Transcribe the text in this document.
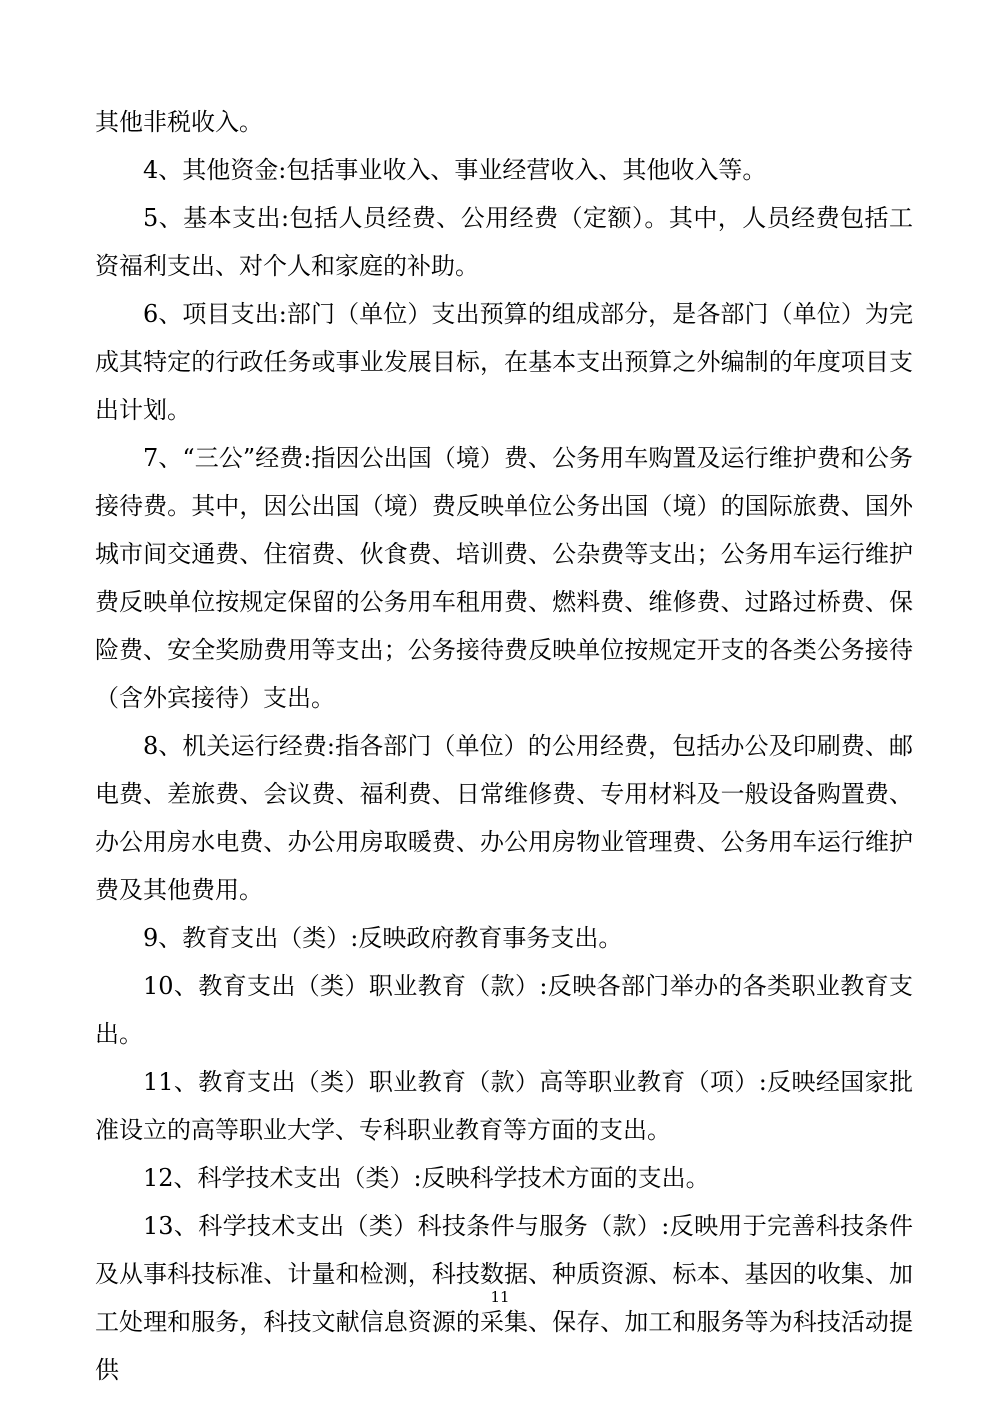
其他非税收入。

4、其他资金:包括事业收入、事业经营收入、其他收入等。

5、基本支出:包括人员经费、公用经费（定额）。其中，人员经费包括工资福利支出、对个人和家庭的补助。

6、项目支出:部门（单位）支出预算的组成部分，是各部门（单位）为完成其特定的行政任务或事业发展目标，在基本支出预算之外编制的年度项目支出计划。

7、“三公”经费:指因公出国（境）费、公务用车购置及运行维护费和公务接待费。其中，因公出国（境）费反映单位公务出国（境）的国际旅费、国外城市间交通费、住宿费、伙食费、培训费、公杂费等支出；公务用车运行维护费反映单位按规定保留的公务用车租用费、燃料费、维修费、过路过桥费、保险费、安全奖励费用等支出；公务接待费反映单位按规定开支的各类公务接待（含外宾接待）支出。

8、机关运行经费:指各部门（单位）的公用经费，包括办公及印刷费、邮电费、差旅费、会议费、福利费、日常维修费、专用材料及一般设备购置费、办公用房水电费、办公用房取暖费、办公用房物业管理费、公务用车运行维护费及其他费用。

9、教育支出（类）:反映政府教育事务支出。

10、教育支出（类）职业教育（款）:反映各部门举办的各类职业教育支出。

11、教育支出（类）职业教育（款）高等职业教育（项）:反映经国家批准设立的高等职业大学、专科职业教育等方面的支出。

12、科学技术支出（类）:反映科学技术方面的支出。

13、科学技术支出（类）科技条件与服务（款）:反映用于完善科技条件及从事科技标准、计量和检测，科技数据、种质资源、标本、基因的收集、加工处理和服务，科技文献信息资源的采集、保存、加工和服务等为科技活动提供

11
